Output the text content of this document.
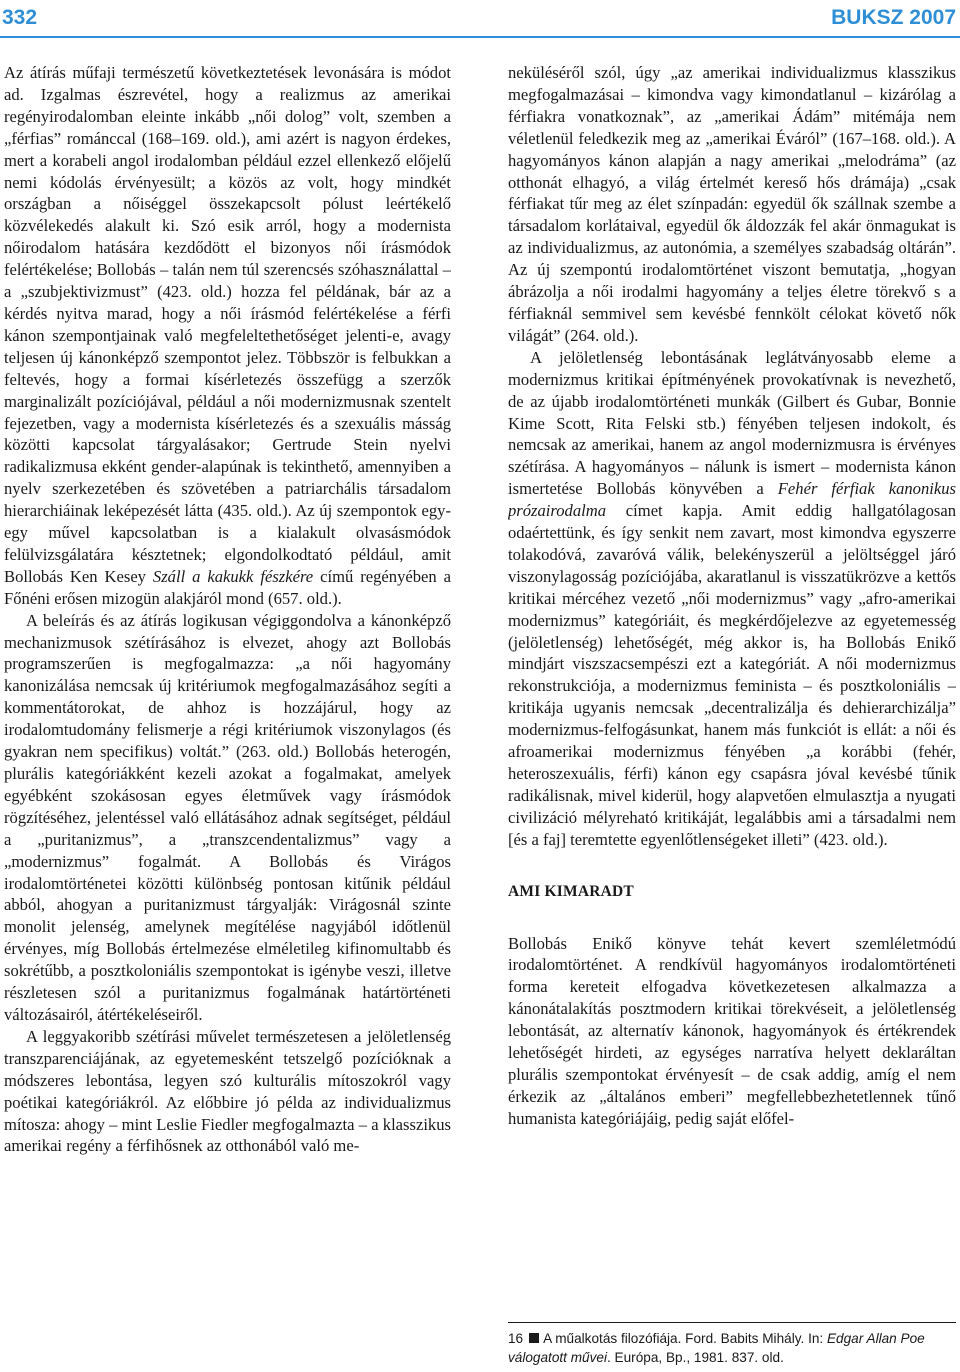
332	BUKSZ 2007

Az átírás műfaji természetű következtetések levonására is módot ad. Izgalmas észrevétel, hogy a realizmus az amerikai regényirodalomban eleinte inkább „női dolog” volt, szemben a „férfias” románccal (168–169. old.), ami azért is nagyon érdekes, mert a korabeli angol irodalomban például ezzel ellenkező előjelű nemi kódolás érvényesült; a közös az volt, hogy mindkét országban a nőiséggel összekapcsolt pólust leértékelő közvélekedés alakult ki. Szó esik arról, hogy a modernista nőirodalom hatására kezdődött el bizonyos női írásmódok felértékelése; Bollobás – talán nem túl szerencsés szóhasználattal – a „szubjektivizmust” (423. old.) hozza fel példának, bár az a kérdés nyitva marad, hogy a női írásmód felértékelése a férfi kánon szempontjainak való megfeleltethetőséget jelenti-e, avagy teljesen új kánonképző szempontot jelez. Többször is felbukkan a feltevés, hogy a formai kísérletezés összefügg a szerzők marginalizált pozíciójával, például a női modernizmusnak szentelt fejezetben, vagy a modernista kísérletezés és a szexuális másság közötti kapcsolat tárgyalásakor; Gertrude Stein nyelvi radikalizmusa ekként gender-alapúnak is tekinthető, amennyiben a nyelv szerkezetében és szövetében a patriarchális társadalom hierarchiáinak leképezését látta (435. old.). Az új szempontok egy-egy művel kapcsolatban is a kialakult olvasásmódok felülvizsgálatára késztetnek; elgondolkodtató például, amit Bollobás Ken Kesey Száll a kakukk fészkére című regényében a Főnéni erősen mizogün alakjáról mond (657. old.).

A beleírás és az átírás logikusan végiggondolva a kánonképző mechanizmusok szétírásához is elvezet, ahogy azt Bollobás programszerűen is megfogalmazza: „a női hagyomány kanonizálása nemcsak új kritériumok megfogalmazásához segíti a kommentátorokat, de ahhoz is hozzájárul, hogy az irodalomtudomány felismerje a régi kritériumok viszonylagos (és gyakran nem specifikus) voltát.” (263. old.) Bollobás heterogén, plurális kategóriákként kezeli azokat a fogalmakat, amelyek egyébként szokásosan egyes életművek vagy írásmódok rögzítéséhez, jelentéssel való ellátásához adnak segítséget, például a „puritanizmus”, a „transzcendentalizmus” vagy a „modernizmus” fogalmát. A Bollobás és Virágos irodalomtörténetei közötti különbség pontosan kitűnik például abból, ahogyan a puritanizmust tárgyalják: Virágosnál szinte monolit jelenség, amelynek megítélése nagyjából időtlenül érvényes, míg Bollobás értelmezése elméletileg kifinomultabb és sokrétűbb, a posztkoloniális szempontokat is igénybe veszi, illetve részletesen szól a puritanizmus fogalmának határtörténeti változásairól, átértékeléseiről.

A leggyakoribb szétírási művelet természetesen a jelöletlenség transzparenciájának, az egyetemesként tetszelgő pozícióknak a módszeres lebontása, legyen szó kulturális mítoszokról vagy poétikai kategóriákról. Az előbbire jó példa az individualizmus mítosza: ahogy – mint Leslie Fiedler megfogalmazta – a klasszikus amerikai regény a férfihősnek az otthonából való me-

neküléséről szól, úgy „az amerikai individualizmus klasszikus megfogalmazásai – kimondva vagy kimondatlanul – kizárólag a férfiakra vonatkoznak”, az „amerikai Ádám” mitémája nem véletlenül feledkezik meg az „amerikai Éváról” (167–168. old.). A hagyományos kánon alapján a nagy amerikai „melodráma” (az otthonát elhagyó, a világ értelmét kereső hős drámája) „csak férfiakat tűr meg az élet színpadán: egyedül ők szállnak szembe a társadalom korlátaival, egyedül ők áldozzák fel akár önmagukat is az individualizmus, az autonómia, a személyes szabadság oltárán”. Az új szempontú irodalomtörténet viszont bemutatja, „hogyan ábrázolja a női irodalmi hagyomány a teljes életre törekvő s a férfiaknál semmivel sem kevésbé fennkölt célokat követő nők világát” (264. old.).

A jelöletlenség lebontásának leglátványosabb eleme a modernizmus kritikai építményének provokatívnak is nevezhető, de az újabb irodalomtörténeti munkák (Gilbert és Gubar, Bonnie Kime Scott, Rita Felski stb.) fényében teljesen indokolt, és nemcsak az amerikai, hanem az angol modernizmusra is érvényes szétírása. A hagyományos – nálunk is ismert – modernista kánon ismertetése Bollobás könyvében a Fehér férfiak kanonikus prózairodalma címet kapja. Amit eddig hallgatólagosan odaértettünk, és így senkit nem zavart, most kimondva egyszerre tolakodóvá, zavaróvá válik, belekényszerül a jelöltséggel járó viszonylagosság pozíciójába, akaratlanul is visszatükrözve a kettős kritikai mércéhez vezető „női modernizmus” vagy „afro-amerikai modernizmus” kategóriáit, és megkérdőjelezve az egyetemesség (jelöletlenség) lehetőségét, még akkor is, ha Bollobás Enikő mindjárt viszszacsempészi ezt a kategóriát. A női modernizmus rekonstrukciója, a modernizmus feminista – és posztkoloniális – kritikája ugyanis nemcsak „decentralizálja és dehierarchizálja” modernizmus-felfogásunkat, hanem más funkciót is ellát: a női és afroamerikai modernizmus fényében „a korábbi (fehér, heteroszexuális, férfi) kánon egy csapásra jóval kevésbé tűnik radikálisnak, mivel kiderül, hogy alapvetően elmulasztja a nyugati civilizáció mélyreható kritikáját, legalábbis ami a társadalmi nem [és a faj] teremtette egyenlőtlenségeket illeti” (423. old.).

AMI KIMARADT

Bollobás Enikő könyve tehát kevert szemléletmódú irodalomtörténet. A rendkívül hagyományos irodalomtörténeti forma kereteit elfogadva következetesen alkalmazza a kánonátalakítás posztmodern kritikai törekvéseit, a jelöletlenség lebontását, az alternatív kánonok, hagyományok és értékrendek lehetőségét hirdeti, az egységes narratíva helyett deklaráltan plurális szempontokat érvényesít – de csak addig, amíg el nem érkezik az „általános emberi” megfellebbezhetetlennek tűnő humanista kategóriájáig, pedig saját előfel-

16 A műalkotás filozófiája. Ford. Babits Mihály. In: Edgar Allan Poe válogatott művei. Európa, Bp., 1981. 837. old.
